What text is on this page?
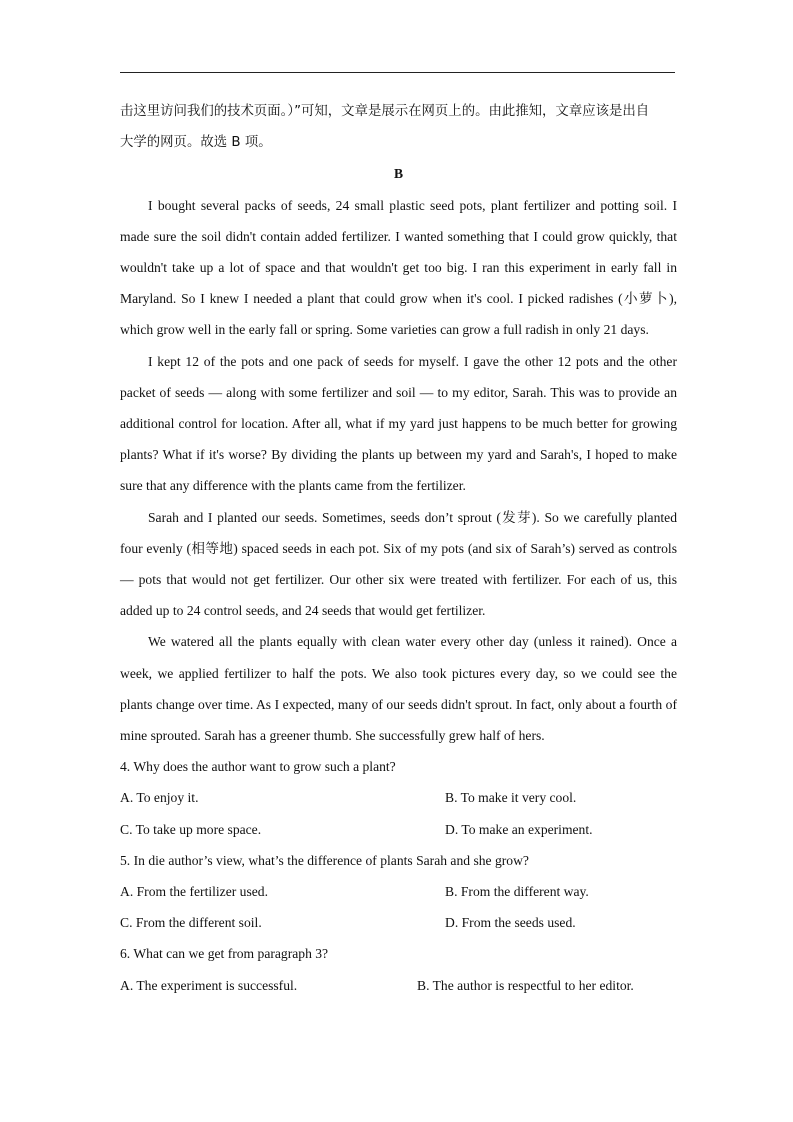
击这里访问我们的技术页面。）”可知，文章是展示在网页上的。由此推知，文章应该是出自

大学的网页。故选 B 项。

B

I bought several packs of seeds, 24 small plastic seed pots, plant fertilizer and potting soil. I made sure the soil didn't contain added fertilizer. I wanted something that I could grow quickly, that wouldn't take up a lot of space and that wouldn't get too big. I ran this experiment in early fall in Maryland. So I knew I needed a plant that could grow when it's cool. I picked radishes (小萝卜), which grow well in the early fall or spring. Some varieties can grow a full radish in only 21 days.

I kept 12 of the pots and one pack of seeds for myself. I gave the other 12 pots and the other packet of seeds — along with some fertilizer and soil — to my editor, Sarah. This was to provide an additional control for location. After all, what if my yard just happens to be much better for growing plants? What if it's worse? By dividing the plants up between my yard and Sarah's, I hoped to make sure that any difference with the plants came from the fertilizer.

Sarah and I planted our seeds. Sometimes, seeds don’t sprout (发芽). So we carefully planted four evenly (相等地) spaced seeds in each pot. Six of my pots (and six of Sarah’s) served as controls — pots that would not get fertilizer. Our other six were treated with fertilizer. For each of us, this added up to 24 control seeds, and 24 seeds that would get fertilizer.

We watered all the plants equally with clean water every other day (unless it rained). Once a week, we applied fertilizer to half the pots. We also took pictures every day, so we could see the plants change over time. As I expected, many of our seeds didn't sprout. In fact, only about a fourth of mine sprouted. Sarah has a greener thumb. She successfully grew half of hers.

4. Why does the author want to grow such a plant?

A. To enjoy it.	B. To make it very cool.
C. To take up more space.	D. To make an experiment.

5. In die author’s view, what’s the difference of plants Sarah and she grow?

A. From the fertilizer used.	B. From the different way.
C. From the different soil.	D. From the seeds used.

6. What can we get from paragraph 3?

A. The experiment is successful.	B. The author is respectful to her editor.
